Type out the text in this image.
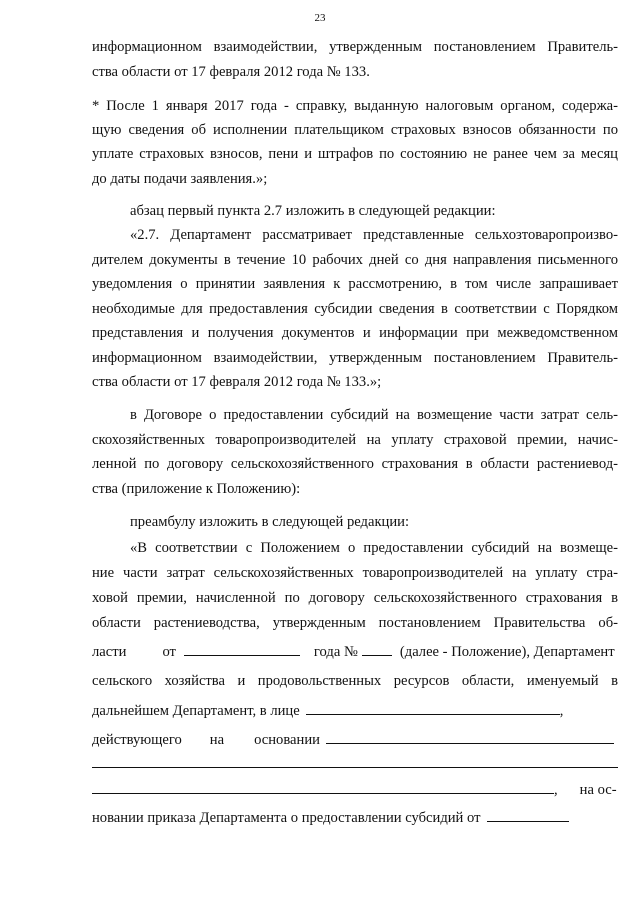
23
информационном взаимодействии, утвержденным постановлением Правитель-
ства области от 17 февраля 2012 года № 133.
* После 1 января 2017 года - справку, выданную налоговым органом, содержа-
щую сведения об исполнении плательщиком страховых взносов обязанности по
уплате страховых взносов, пени и штрафов по состоянию не ранее чем за месяц
до даты подачи заявления.»;
абзац первый пункта 2.7 изложить в следующей редакции:
«2.7. Департамент рассматривает представленные сельхозтоваропроизво-
дителем документы в течение 10 рабочих дней со дня направления письменного
уведомления о принятии заявления к рассмотрению, в том числе запрашивает
необходимые для предоставления субсидии сведения в соответствии с Порядком
представления и получения документов и информации при межведомственном
информационном взаимодействии, утвержденным постановлением Правитель-
ства области от 17 февраля 2012 года № 133.»;
в Договоре о предоставлении субсидий на возмещение части затрат сель-
скохозяйственных товаропроизводителей на уплату страховой премии, начис-
ленной по договору сельскохозяйственного страхования в области растениевод-
ства (приложение к Положению):
преамбулу изложить в следующей редакции:
«В соответствии с Положением о предоставлении субсидий на возмеще-
ние части затрат сельскохозяйственных товаропроизводителей на уплату стра-
ховой премии, начисленной по договору сельскохозяйственного страхования в
области растениеводства, утвержденным постановлением Правительства об-
ласти от	года №	(далее - Положение), Департамент
сельского хозяйства и продовольственных ресурсов области, именуемый в
дальнейшем Департамент, в лице	,
действующего на основании
, на ос-
новании приказа Департамента о предоставлении субсидий от
